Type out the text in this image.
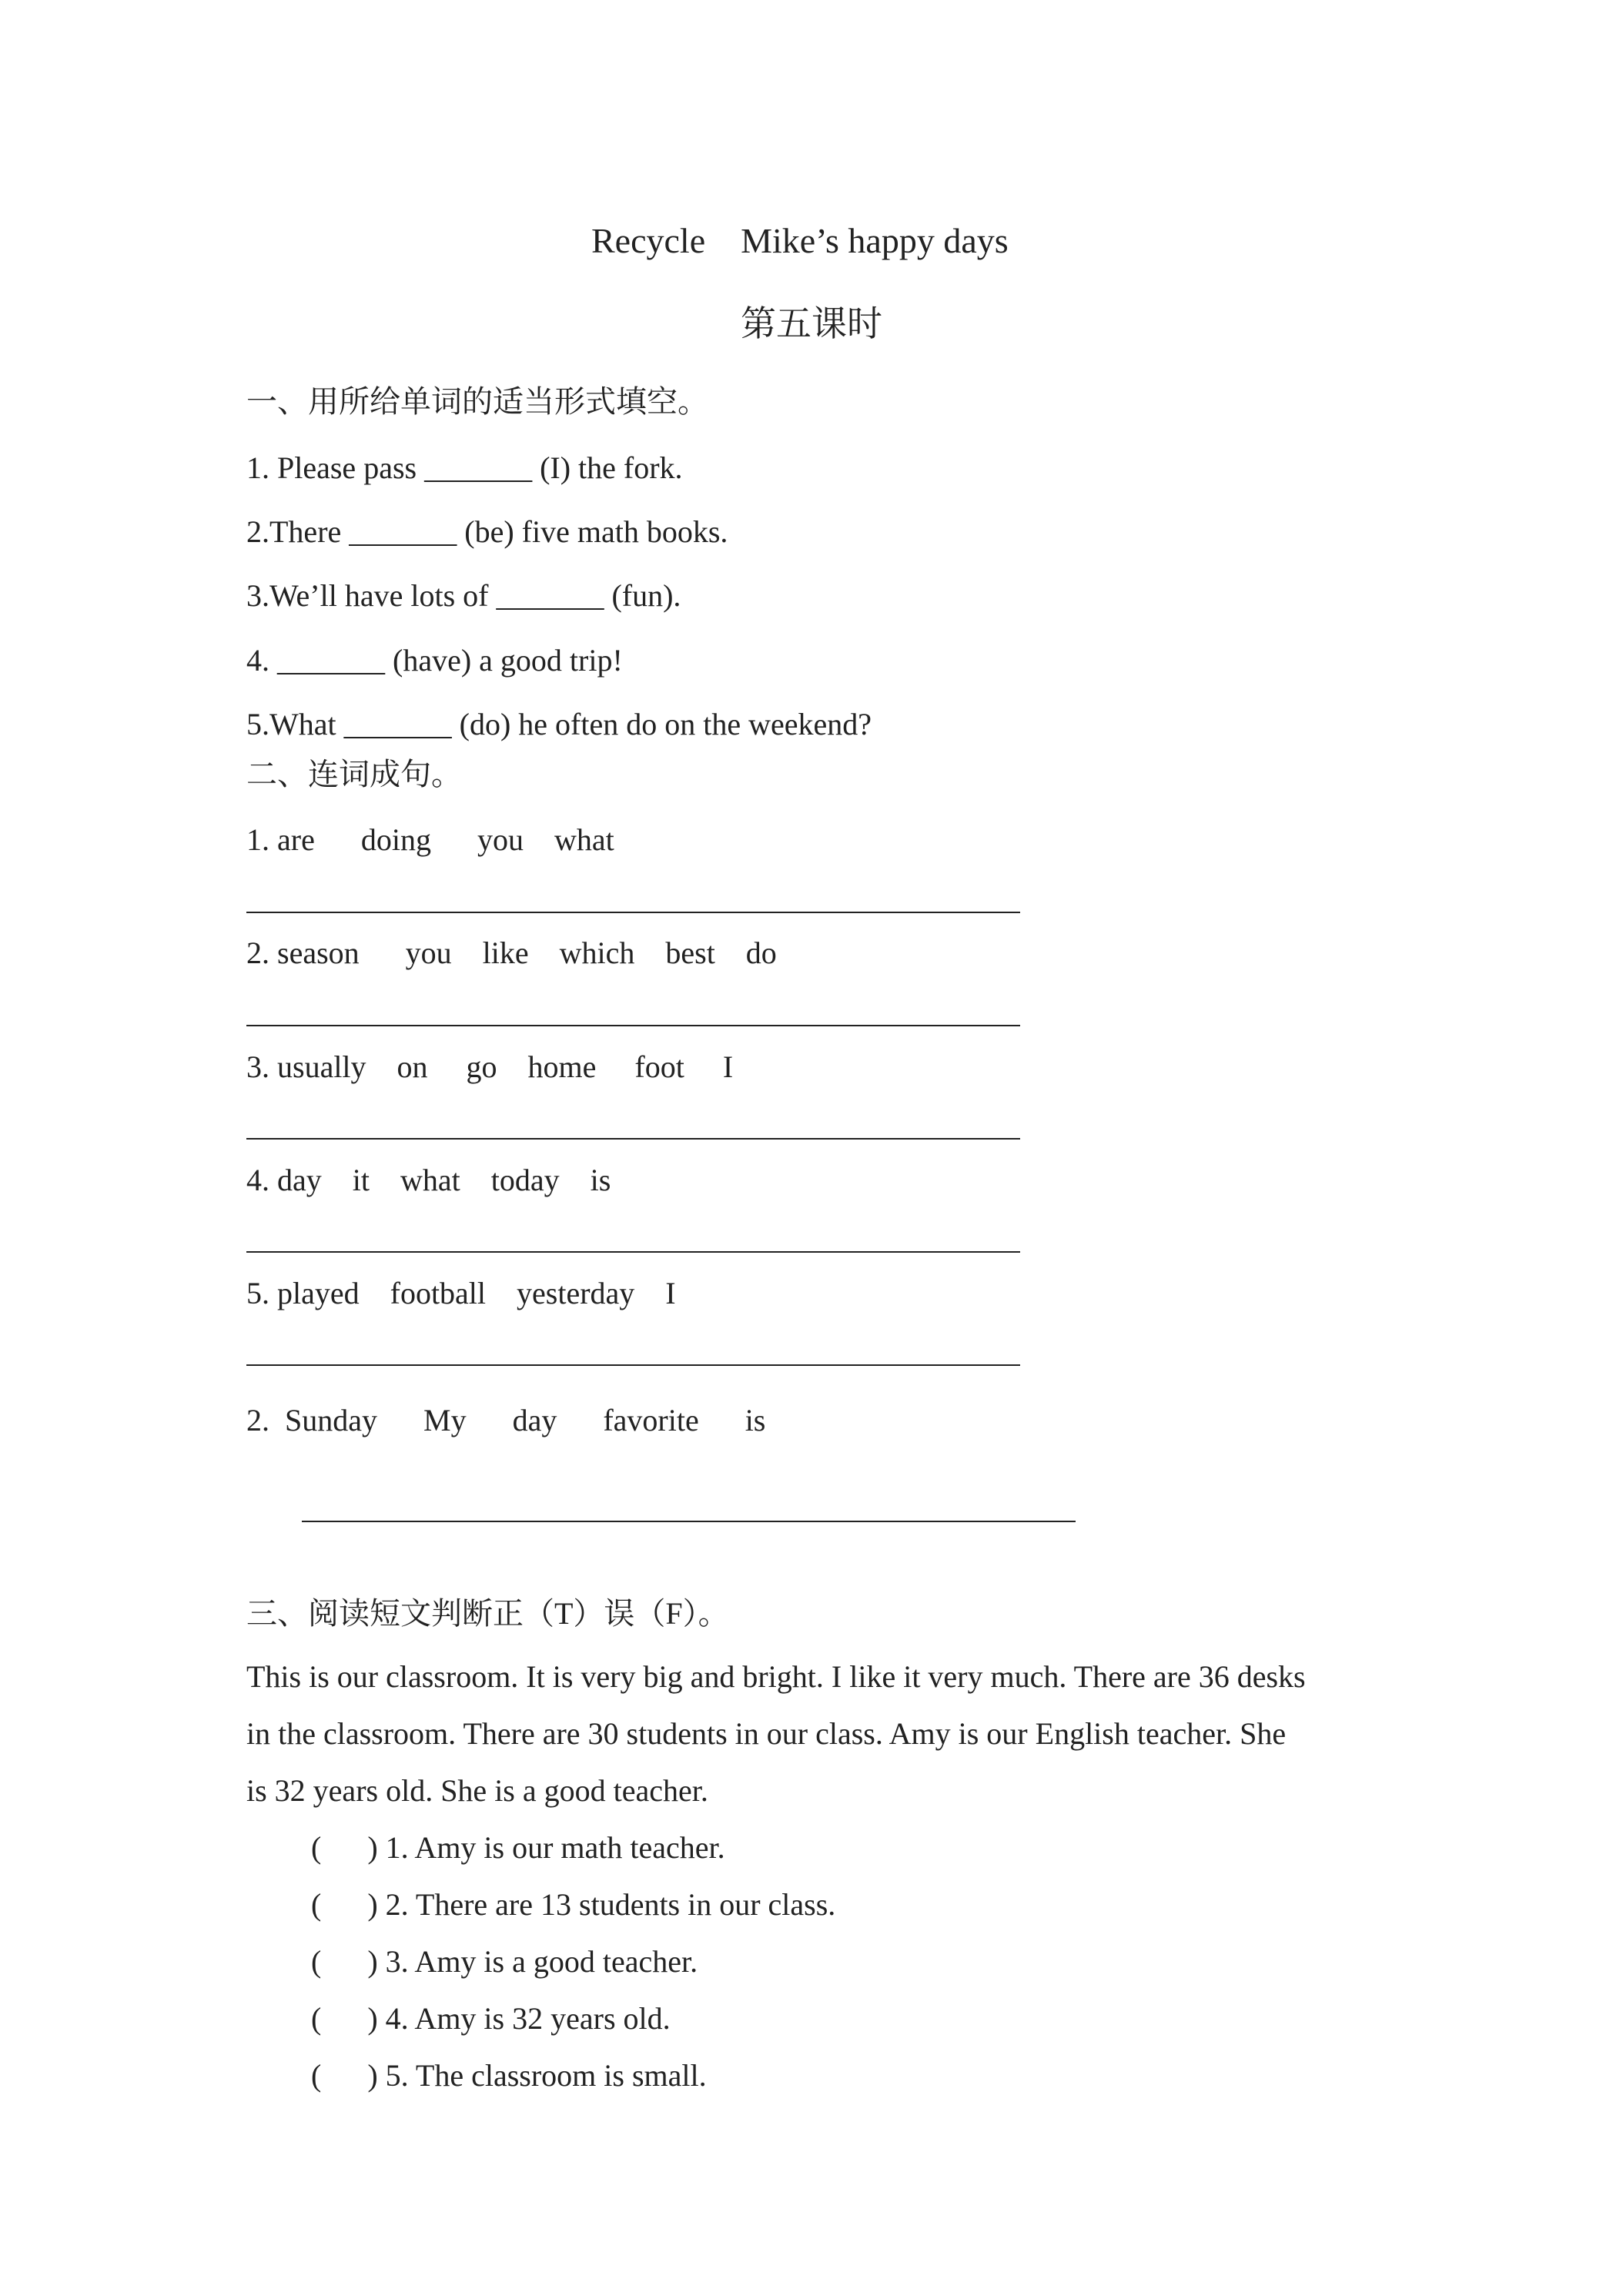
Recycle    Mike’s happy days
第五课时
一、用所给单词的适当形式填空。
1. Please pass _______ (I) the fork.
2.There _______ (be) five math books.
3.We’ll have lots of _______ (fun).
4. _______ (have) a good trip!
5.What _______ (do) he often do on the weekend?
二、连词成句。
1. are      doing      you    what
2. season      you    like    which    best    do
3. usually    on     go    home     foot     I
4. day    it    what    today    is
5. played    football    yesterday    I
2.  Sunday      My      day      favorite      is
三、阅读短文判断正（T）误（F）。
This is our classroom. It is very big and bright. I like it very much. There are 36 desks
in the classroom. There are 30 students in our class. Amy is our English teacher. She
is 32 years old. She is a good teacher.
(      ) 1. Amy is our math teacher.
(      ) 2. There are 13 students in our class.
(      ) 3. Amy is a good teacher.
(      ) 4. Amy is 32 years old.
(      ) 5. The classroom is small.
